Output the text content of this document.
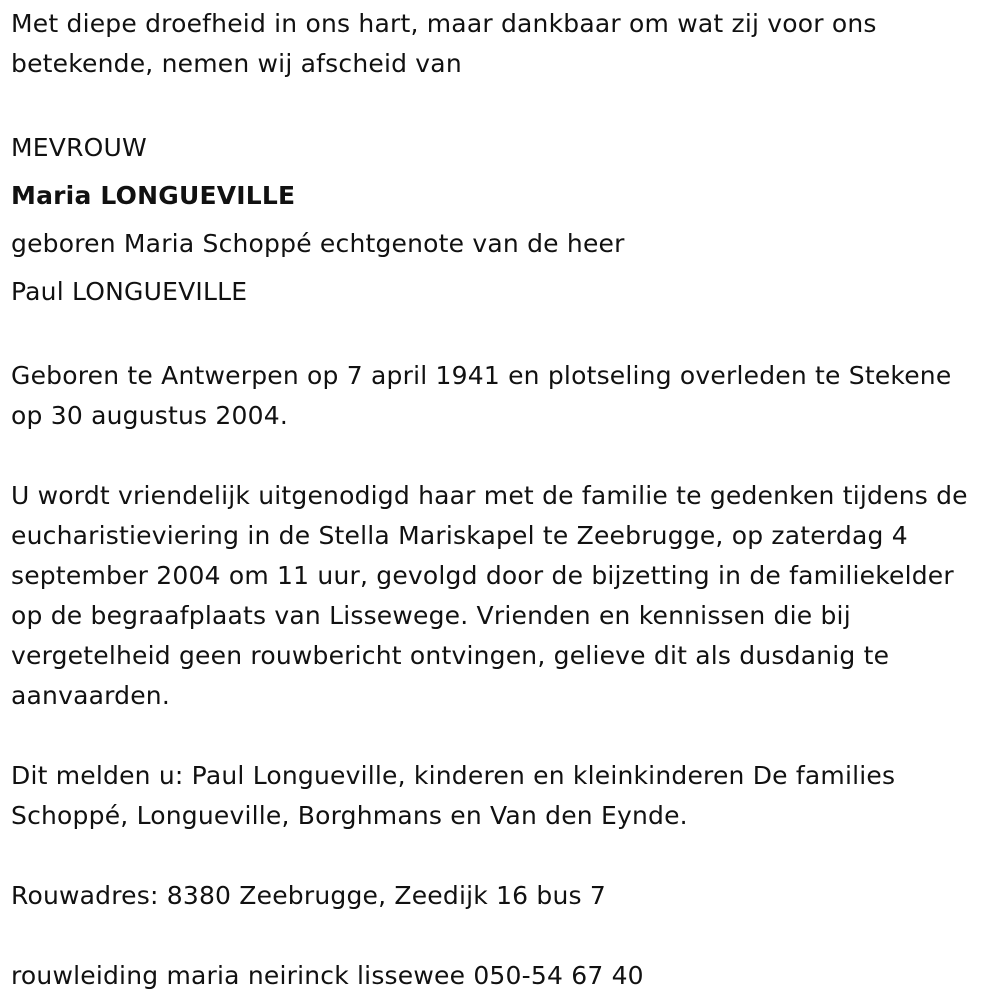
Met diepe droefheid in ons hart, maar dankbaar om wat zij voor ons betekende, nemen wij afscheid van

MEVROUW

Maria LONGUEVILLE

geboren Maria Schoppé echtgenote van de heer

Paul LONGUEVILLE

Geboren te Antwerpen op 7 april 1941 en plotseling overleden te Stekene op 30 augustus 2004.

U wordt vriendelijk uitgenodigd haar met de familie te gedenken tijdens de eucharistieviering in de Stella Mariskapel te Zeebrugge, op zaterdag 4 september 2004 om 11 uur, gevolgd door de bijzetting in de familiekelder op de begraafplaats van Lissewege. Vrienden en kennissen die bij vergetelheid geen rouwbericht ontvingen, gelieve dit als dusdanig te aanvaarden.

Dit melden u: Paul Longueville, kinderen en kleinkinderen De families Schoppé, Longueville, Borghmans en Van den Eynde.

Rouwadres: 8380 Zeebrugge, Zeedijk 16 bus 7

rouwleiding maria neirinck lissewee 050-54 67 40
